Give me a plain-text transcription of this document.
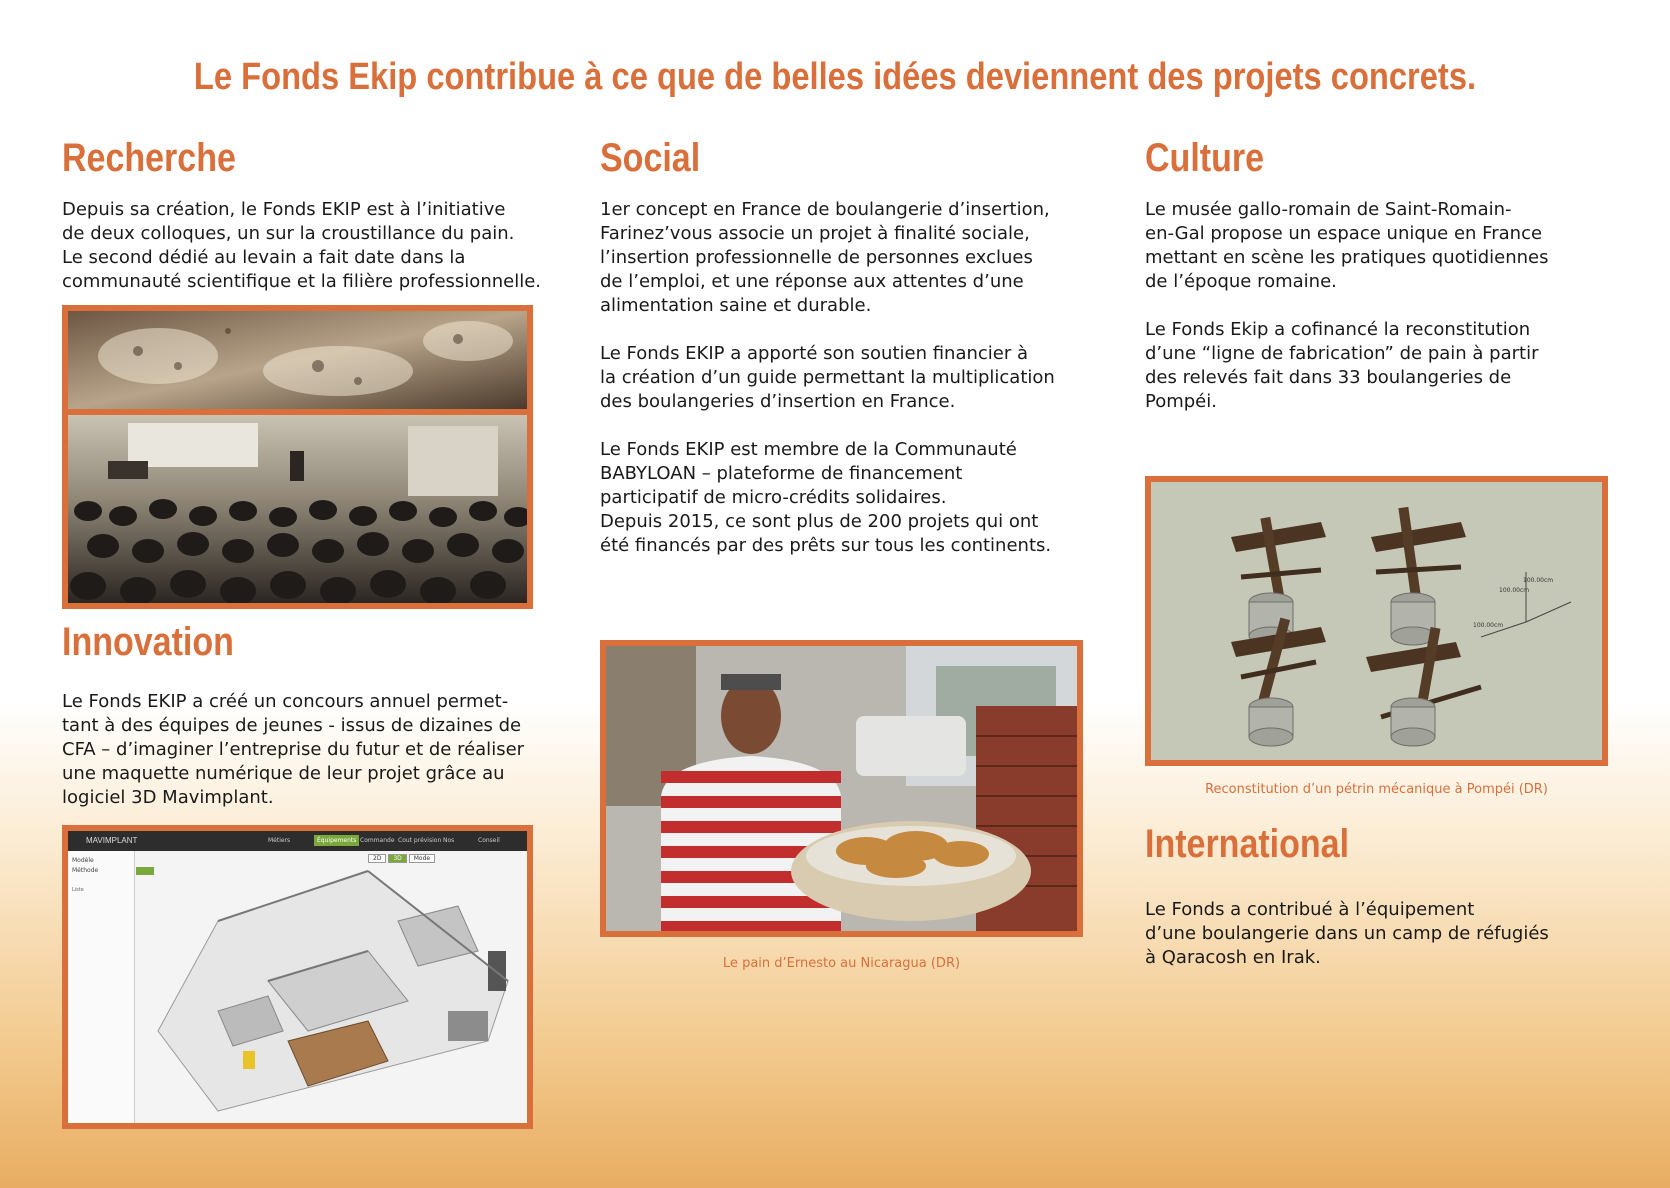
Le Fonds Ekip contribue à ce que de belles idées deviennent des projets concrets.
Recherche

Depuis sa création, le Fonds EKIP est à l’initiative
de deux colloques, un sur la croustillance du pain.
Le second dédié au levain a fait date dans la
communauté scientifique et la filière professionnelle.

Innovation

Le Fonds EKIP a créé un concours annuel permet-
tant à des équipes de jeunes - issus de dizaines de
CFA – d’imaginer l’entreprise du futur et de réaliser
une maquette numérique de leur projet grâce au
logiciel 3D Mavimplant.

MAVIMPLANT	Métiers	Équipements Commande Cout prévision Nos	Conseil
Modèle
Méthode
Liste
2D 3D Mode
Social

1er concept en France de boulangerie d’insertion,
Farinez’vous associe un projet à finalité sociale,
l’insertion professionnelle de personnes exclues
de l’emploi, et une réponse aux attentes d’une
alimentation saine et durable.

Le Fonds EKIP a apporté son soutien financier à
la création d’un guide permettant la multiplication
des boulangeries d’insertion en France.

Le Fonds EKIP est membre de la Communauté
BABYLOAN – plateforme de financement
participatif de micro-crédits solidaires.
Depuis 2015, ce sont plus de 200 projets qui ont
été financés par des prêts sur tous les continents.

Le pain d’Ernesto au Nicaragua (DR)

Culture

Le musée gallo-romain de Saint-Romain-
en-Gal propose un espace unique en France
mettant en scène les pratiques quotidiennes
de l’époque romaine.

Le Fonds Ekip a cofinancé la reconstitution
d’une “ligne de fabrication” de pain à partir
des relevés fait dans 33 boulangeries de
Pompéi.

100.00cm
100.00cm
100.00cm

Reconstitution d’un pétrin mécanique à Pompéi (DR)

International

Le Fonds a contribué à l’équipement
d’une boulangerie dans un camp de réfugiés
à Qaracosh en Irak.
